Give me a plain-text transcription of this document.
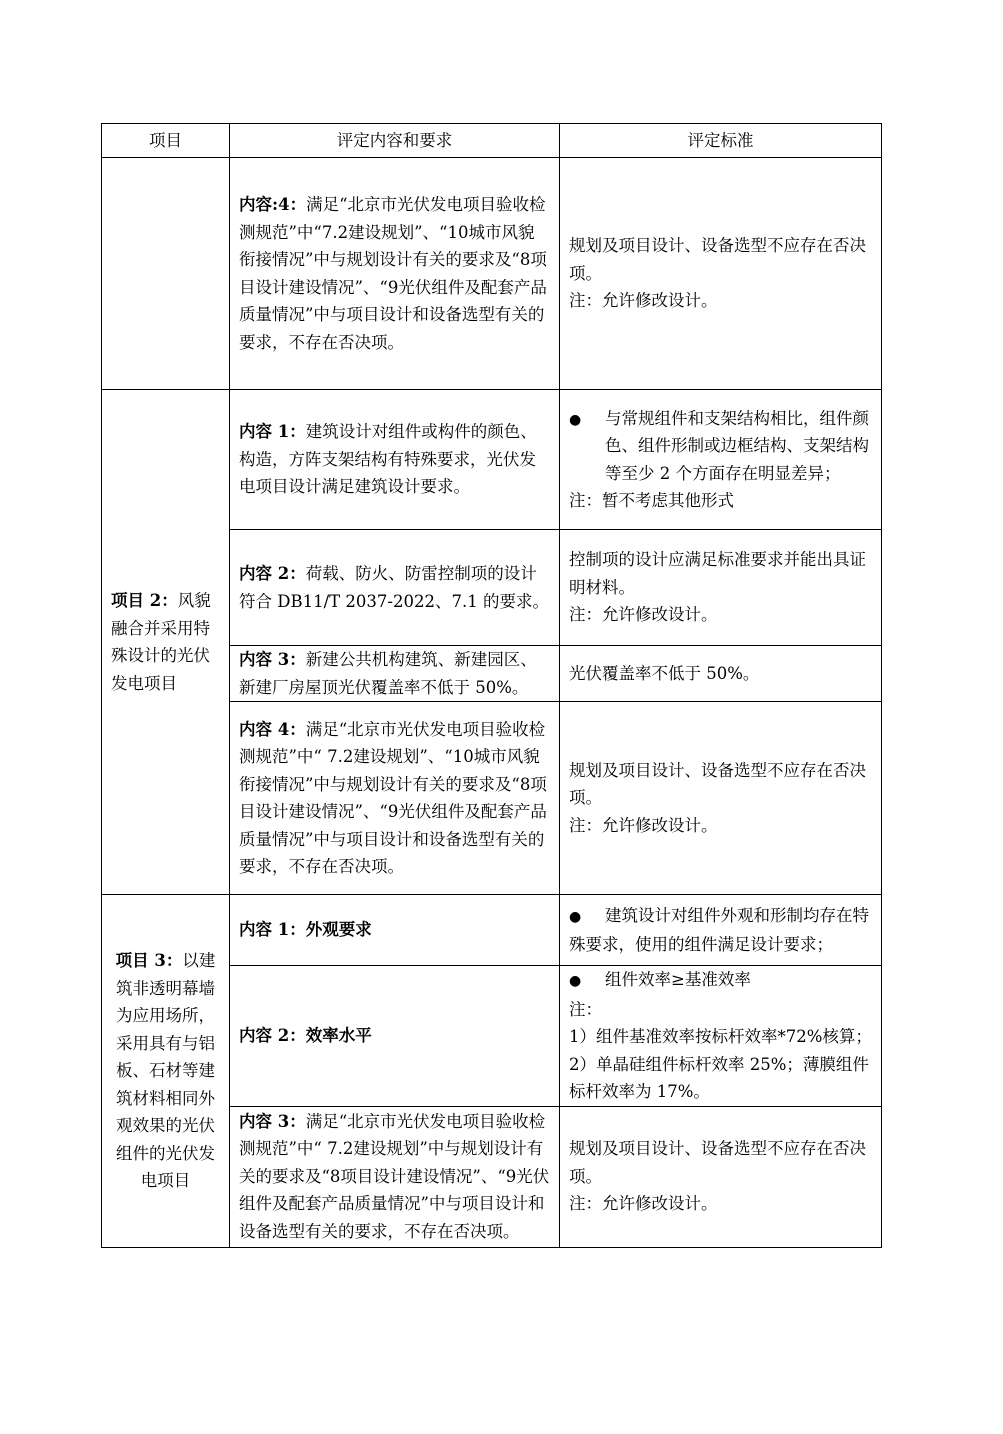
项目	评定内容和要求	评定标准
	内容:4：满足“北京市光伏发电项目验收检测规范”中“7.2建设规划”、“10城市风貌衔接情况”中与规划设计有关的要求及“8项目设计建设情况”、“9光伏组件及配套产品质量情况”中与项目设计和设备选型有关的要求，不存在否决项。	规划及项目设计、设备选型不应存在否决项。
注：允许修改设计。

项目 2：风貌融合并采用特殊设计的光伏发电项目	内容 1：建筑设计对组件或构件的颜色、构造，方阵支架结构有特殊要求，光伏发电项目设计满足建筑设计要求。	
●
与常规组件和支架结构相比，组件颜色、组件形制或边框结构、支架结构等至少 2 个方面存在明显差异；
注：暂不考虑其他形式

	内容 2：荷载、防火、防雷控制项的设计符合 DB11/T 2037-2022、7.1 的要求。	控制项的设计应满足标准要求并能出具证明材料。
注：允许修改设计。

	内容 3：新建公共机构建筑、新建园区、新建厂房屋顶光伏覆盖率不低于 50%。	光伏覆盖率不低于 50%。

	内容 4：满足“北京市光伏发电项目验收检测规范”中“ 7.2建设规划”、“10城市风貌衔接情况”中与规划设计有关的要求及“8项目设计建设情况”、“9光伏组件及配套产品质量情况”中与项目设计和设备选型有关的要求，不存在否决项。	规划及项目设计、设备选型不应存在否决项。
注：允许修改设计。

项目 3：以建筑非透明幕墙为应用场所，采用具有与铝板、石材等建筑材料相同外观效果的光伏组件的光伏发电项目	内容 1：外观要求	●建筑设计对组件外观和形制均存在特殊要求，使用的组件满足设计要求；
	内容 2：效率水平	
●
组件效率≥基准效率
注：
1）组件基准效率按标杆效率*72%核算；
2）单晶硅组件标杆效率 25%；薄膜组件标杆效率为 17%。

	内容 3：满足“北京市光伏发电项目验收检测规范”中“ 7.2建设规划”中与规划设计有关的要求及“8项目设计建设情况”、“9光伏组件及配套产品质量情况”中与项目设计和设备选型有关的要求，不存在否决项。	规划及项目设计、设备选型不应存在否决项。
注：允许修改设计。
